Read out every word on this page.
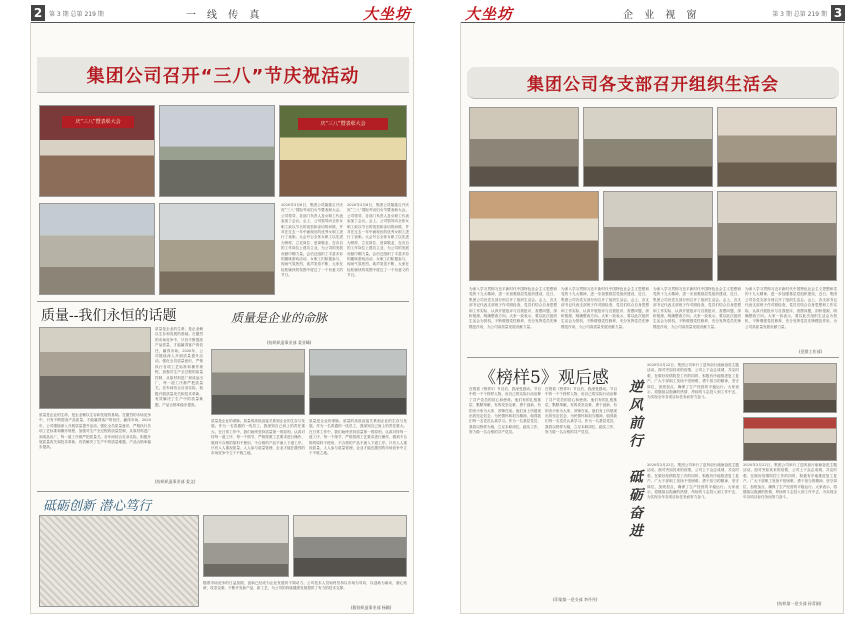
2	第 3 期 总第 219 期	一 线 传 真	大坐坊
集团公司召开“三八”节庆祝活动
庆“三八”暨表彰大会	庆“三八”暨表彰大会
2020年3月8日，集团公司隆重召开庆祝“三八”国际劳动妇女节暨表彰大会。公司领导、各部门负责人及女职工代表参加了会议。会上，公司领导向全体女职工致以节日的祝贺和亲切的问候，并对在过去一年中涌现出的优秀女职工进行了表彰。大会号召全体女职工以先进为榜样，立足岗位、爱岗敬业，在各自的工作岗位上建功立业，为公司的发展贡献巾帼力量。会后还组织了丰富多彩的趣味游戏活动，女职工们积极参与，现场气氛热烈，欢声笑语不断，大家在轻松愉快的氛围中度过了一个有意义的节日。
2020年3月8日，集团公司隆重召开庆祝“三八”国际劳动妇女节暨表彰大会。公司领导、各部门负责人及女职工代表参加了会议。会上，公司领导向全体女职工致以节日的祝贺和亲切的问候，并对在过去一年中涌现出的优秀女职工进行了表彰。大会号召全体女职工以先进为榜样，立足岗位、爱岗敬业，在各自的工作岗位上建功立业，为公司的发展贡献巾帼力量。会后还组织了丰富多彩的趣味游戏活动，女职工们积极参与，现场气氛热烈，欢声笑语不断，大家在轻松愉快的氛围中度过了一个有意义的节日。
质量--我们永恒的话题
质量是企业的生命，是企业赖以生存和发展的基础。在激烈的市场竞争中，只有不断提高产品质量，才能赢得客户的信任，赢得市场。2020年，公司继续深入开展质量提升活动，强化全员质量意识，严格执行各项工艺标准和操作规程，加强对生产全过程的质量控制，从原材料进厂到成品出厂，每一道工序都严把质量关。各车间结合自身实际，积极开展质量攻关和技术革新，有效解决了生产中的质量难题，产品合格率稳步提高。
质量是企业的生命，是企业赖以生存和发展的基础。在激烈的市场竞争中，只有不断提高产品质量，才能赢得客户的信任，赢得市场。2020年，公司继续深入开展质量提升活动，强化全员质量意识，严格执行各项工艺标准和操作规程，加强对生产全过程的质量控制，从原材料进厂到成品出厂，每一道工序都严把质量关。各车间结合自身实际，积极开展质量攻关和技术革新，有效解决了生产中的质量难题，产品合格率稳步提高。
(纺织织造事业部 姜文)
质量是企业的命脉
(纺织织造事业部 姜亚峰)
质量是企业的命脉。质量的高低直接关系到企业的生存与发展。作为一名普通的一线员工，我深知自己肩上的责任重大。在日常工作中，我们始终坚持质量第一的原则，认真对待每一道工序、每一个细节，严格按照工艺要求进行操作，做到不合格的原料不使用，不合格的产品不流入下道工序。只有人人重视质量，人人参与质量管理，企业才能在激烈的市场竞争中立于不败之地。
质量是企业的命脉。质量的高低直接关系到企业的生存与发展。作为一名普通的一线员工，我深知自己肩上的责任重大。在日常工作中，我们始终坚持质量第一的原则，认真对待每一道工序、每一个细节，严格按照工艺要求进行操作，做到不合格的原料不使用，不合格的产品不流入下道工序。只有人人重视质量，人人参与质量管理，企业才能在激烈的市场竞争中立于不败之地。
砥砺创新 潜心笃行
随着市场竞争的日益加剧，创新已经成为企业发展的不竭动力。公司技术人员始终坚持以市场为导向，以创新为驱动，潜心钻研，攻坚克难，不断开发新产品、新工艺，为公司的持续健康发展提供了有力的技术支撑。
(服装织造事业部 杨颖)
大坐坊	企 业 视 窗	第 3 期 总第 219 期 3
集团公司各支部召开组织生活会
为深入学习贯彻习近平新时代中国特色社会主义思想和党的十九大精神，进一步加强基层党组织建设，近日，集团公司各党支部分别召开了组织生活会。会上，各支部书记代表支部班子作对照检查，党员们结合自身思想和工作实际，认真开展批评与自我批评，查摆问题，剖析根源，明确整改方向。大家一致表示，要以此次组织生活会为契机，不断增强党性修养，充分发挥党员先锋模范作用，为公司高质量发展贡献力量。
为深入学习贯彻习近平新时代中国特色社会主义思想和党的十九大精神，进一步加强基层党组织建设，近日，集团公司各党支部分别召开了组织生活会。会上，各支部书记代表支部班子作对照检查，党员们结合自身思想和工作实际，认真开展批评与自我批评，查摆问题，剖析根源，明确整改方向。大家一致表示，要以此次组织生活会为契机，不断增强党性修养，充分发挥党员先锋模范作用，为公司高质量发展贡献力量。
为深入学习贯彻习近平新时代中国特色社会主义思想和党的十九大精神，进一步加强基层党组织建设，近日，集团公司各党支部分别召开了组织生活会。会上，各支部书记代表支部班子作对照检查，党员们结合自身思想和工作实际，认真开展批评与自我批评，查摆问题，剖析根源，明确整改方向。大家一致表示，要以此次组织生活会为契机，不断增强党性修养，充分发挥党员先锋模范作用，为公司高质量发展贡献力量。
为深入学习贯彻习近平新时代中国特色社会主义思想和党的十九大精神，进一步加强基层党组织建设，近日，集团公司各党支部分别召开了组织生活会。会上，各支部书记代表支部班子作对照检查，党员们结合自身思想和工作实际，认真开展批评与自我批评，查摆问题，剖析根源，明确整改方向。大家一致表示，要以此次组织生活会为契机，不断增强党性修养，充分发挥党员先锋模范作用，为公司高质量发展贡献力量。
(党群工作部)
《榜样5》观后感
在观看《榜样5》节目后，我深受感动。节目中的一个个榜样人物，用自己的实际行动诠释了共产党员的初心和使命。他们有的扎根基层、默默奉献，有的攻坚克难、勇于创新，有的舍小家为大家、冲锋在前。他们身上所展现出的坚定信念、为民情怀和担当精神，值得我们每一名党员认真学习。作为一名基层党员，我将以榜样为镜，立足本职岗位，踏实工作，努力做一名合格的共产党员。
在观看《榜样5》节目后，我深受感动。节目中的一个个榜样人物，用自己的实际行动诠释了共产党员的初心和使命。他们有的扎根基层、默默奉献，有的攻坚克难、勇于创新，有的舍小家为大家、冲锋在前。他们身上所展现出的坚定信念、为民情怀和担当精神，值得我们每一名党员认真学习。作为一名基层党员，我将以榜样为镜，立足本职岗位，踏实工作，努力做一名合格的共产党员。
(印染第一党支部 李丹丹)
逆风前行
砥砺奋进
2020年3月22日，集团公司举行了逆风前行砥砺奋进主题活动。面对突如其来的疫情，公司上下众志成城、共克时艰，在做好疫情防控工作的同时，积极有序地推进复工复产。广大干部职工发扬不怕困难、勇于担当的精神，坚守岗位，加班加点，确保了生产经营的平稳运行。大家表示，将继续以饱满的热情、昂扬的斗志投入到工作中去，为实现全年各项目标任务而努力奋斗。
2020年3月22日，集团公司举行了逆风前行砥砺奋进主题活动。面对突如其来的疫情，公司上下众志成城、共克时艰，在做好疫情防控工作的同时，积极有序地推进复工复产。广大干部职工发扬不怕困难、勇于担当的精神，坚守岗位，加班加点，确保了生产经营的平稳运行。大家表示，将继续以饱满的热情、昂扬的斗志投入到工作中去，为实现全年各项目标任务而努力奋斗。
2020年3月22日，集团公司举行了逆风前行砥砺奋进主题活动。面对突如其来的疫情，公司上下众志成城、共克时艰，在做好疫情防控工作的同时，积极有序地推进复工复产。广大干部职工发扬不怕困难、勇于担当的精神，坚守岗位，加班加点，确保了生产经营的平稳运行。大家表示，将继续以饱满的热情、昂扬的斗志投入到工作中去，为实现全年各项目标任务而努力奋斗。
(纺织第一党支部 孙青娟)
